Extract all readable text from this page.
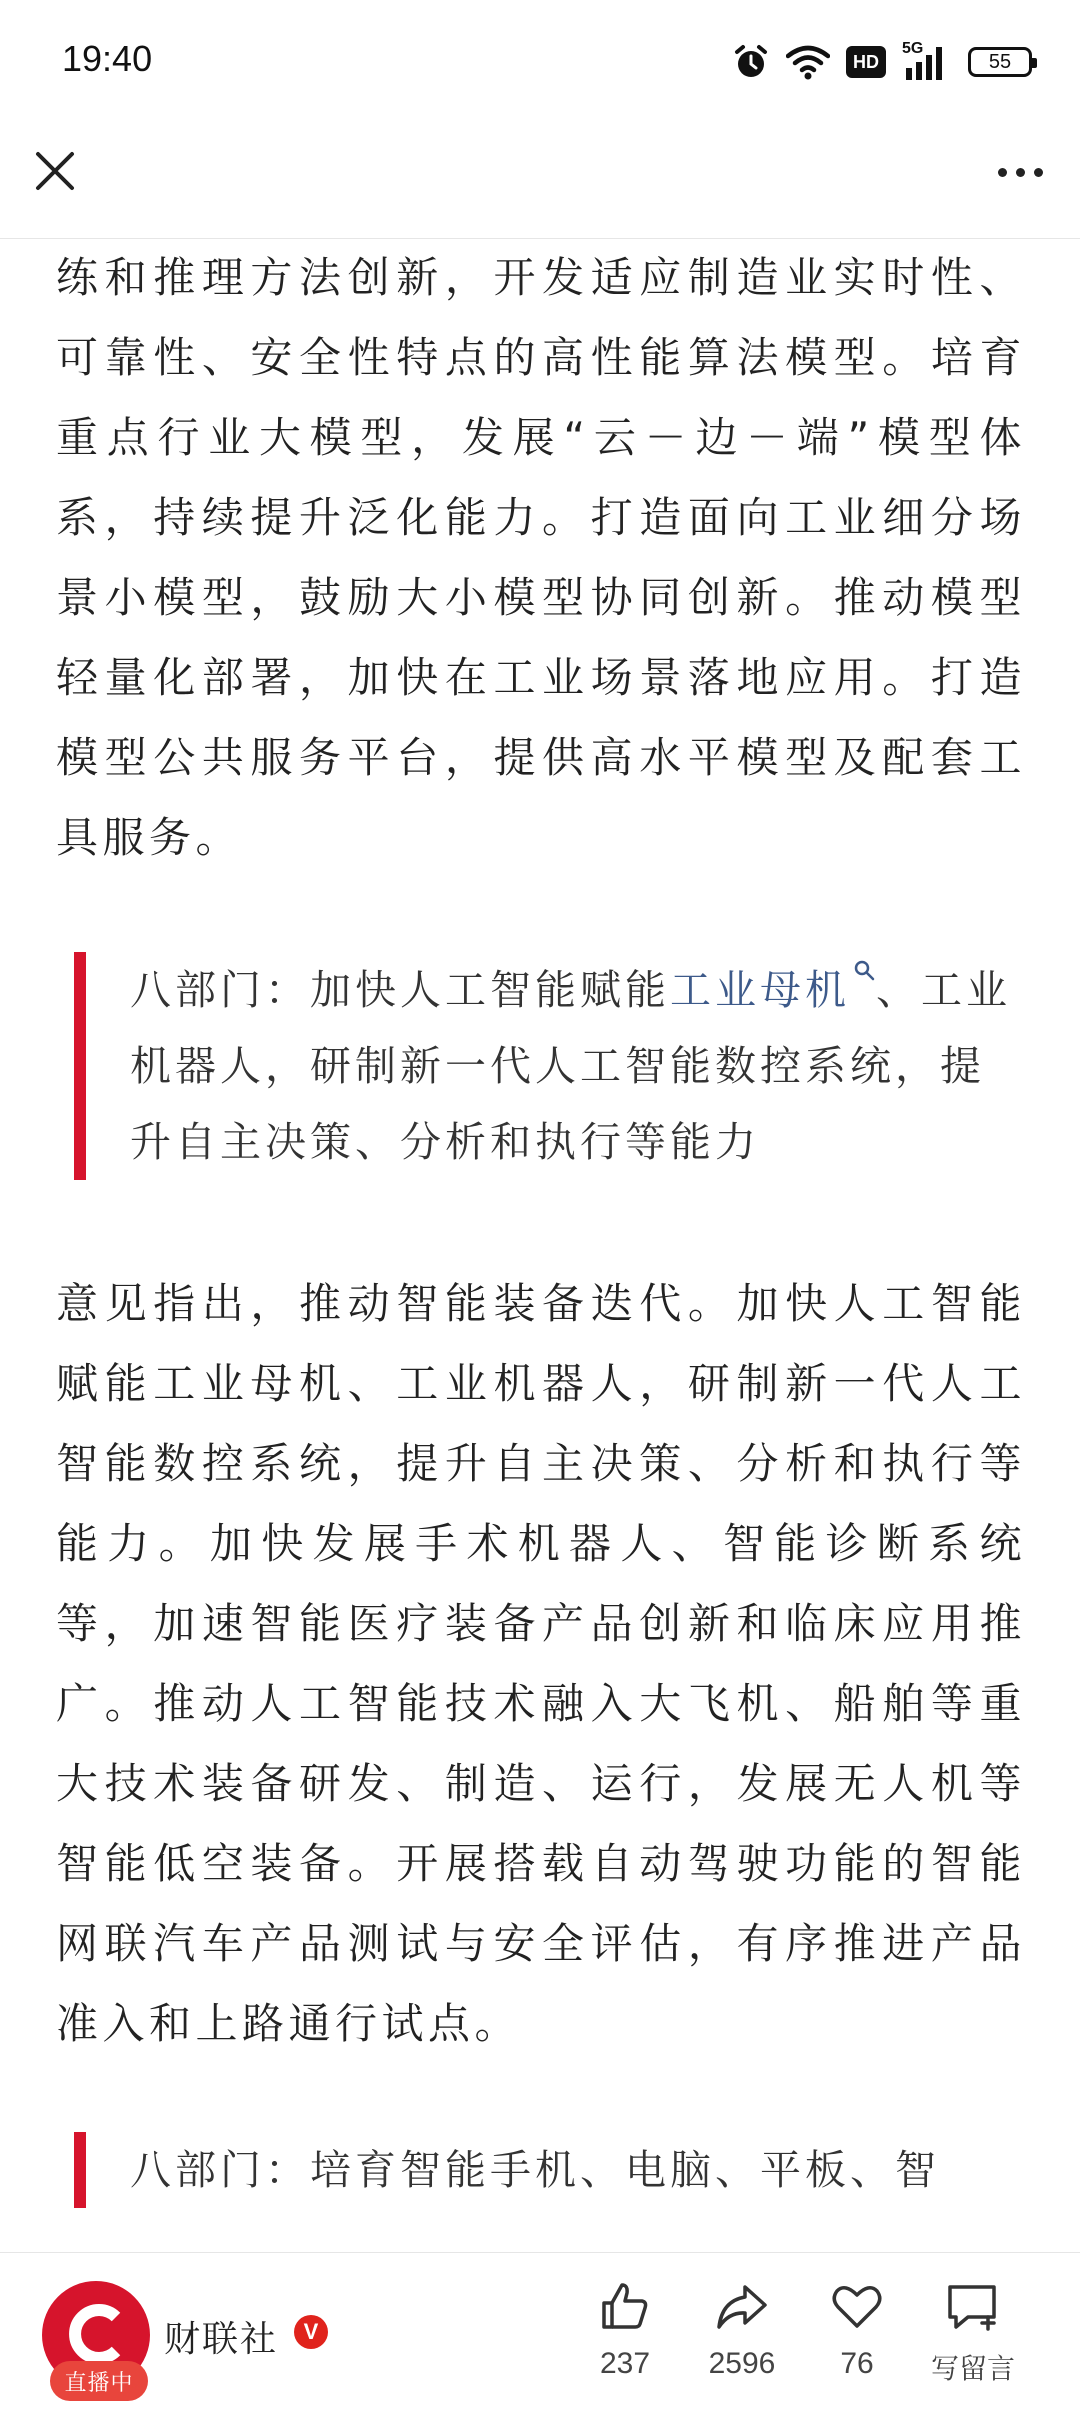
19:40	HD
5G
55

练和推理方法创新，开发适应制造业实时性、可靠性、安全性特点的高性能算法模型。培育重点行业大模型，发展“云－边－端”模型体系，持续提升泛化能力。打造面向工业细分场景小模型，鼓励大小模型协同创新。推动模型轻量化部署，加快在工业场景落地应用。打造模型公共服务平台，提供高水平模型及配套工具服务。

八部门：加快人工智能赋能工业母机 、工业机器人，研制新一代人工智能数控系统，提升自主决策、分析和执行等能力

意见指出，推动智能装备迭代。加快人工智能赋能工业母机、工业机器人，研制新一代人工智能数控系统，提升自主决策、分析和执行等能力。加快发展手术机器人、智能诊断系统等，加速智能医疗装备产品创新和临床应用推广。推动人工智能技术融入大飞机、船舶等重大技术装备研发、制造、运行，发展无人机等智能低空装备。开展搭载自动驾驶功能的智能网联汽车产品测试与安全评估，有序推进产品准入和上路通行试点。

八部门：培育智能手机、电脑、平板、智
直播中
财联社	V
237	2596	76	写留言
